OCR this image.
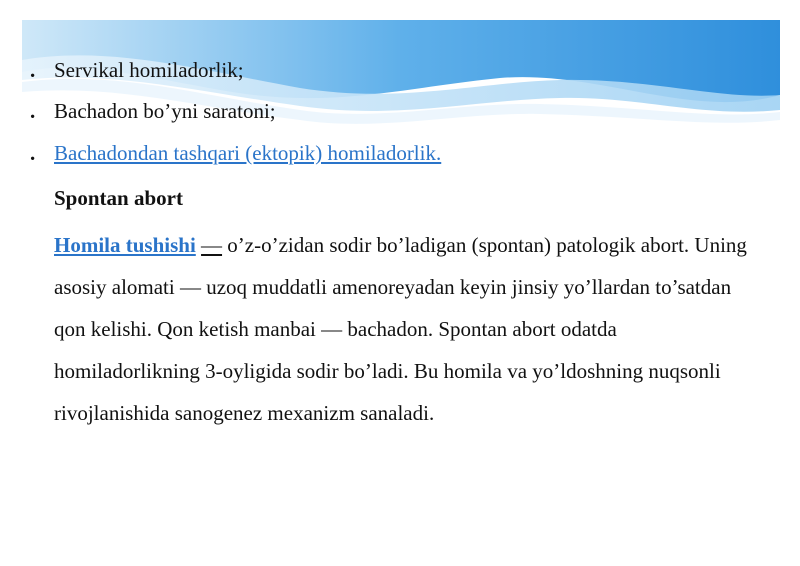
. Servikal homiladorlik;
. Bachadon bo’yni saratoni;
. Bachadondan tashqari (ektopik) homiladorlik.
Spontan abort
Homila tushishi — o’z-o’zidan sodir bo’ladigan (spontan) patologik abort. Uning asosiy alomati — uzoq muddatli amenoreyadan keyin jinsiy yo’llardan to’satdan qon kelishi. Qon ketish manbai — bachadon. Spontan abort odatda homiladorlikning 3-oyligida sodir bo’ladi. Bu homila va yo’ldoshning nuqsonli rivojlanishida sanogenez mexanizm sanaladi.
